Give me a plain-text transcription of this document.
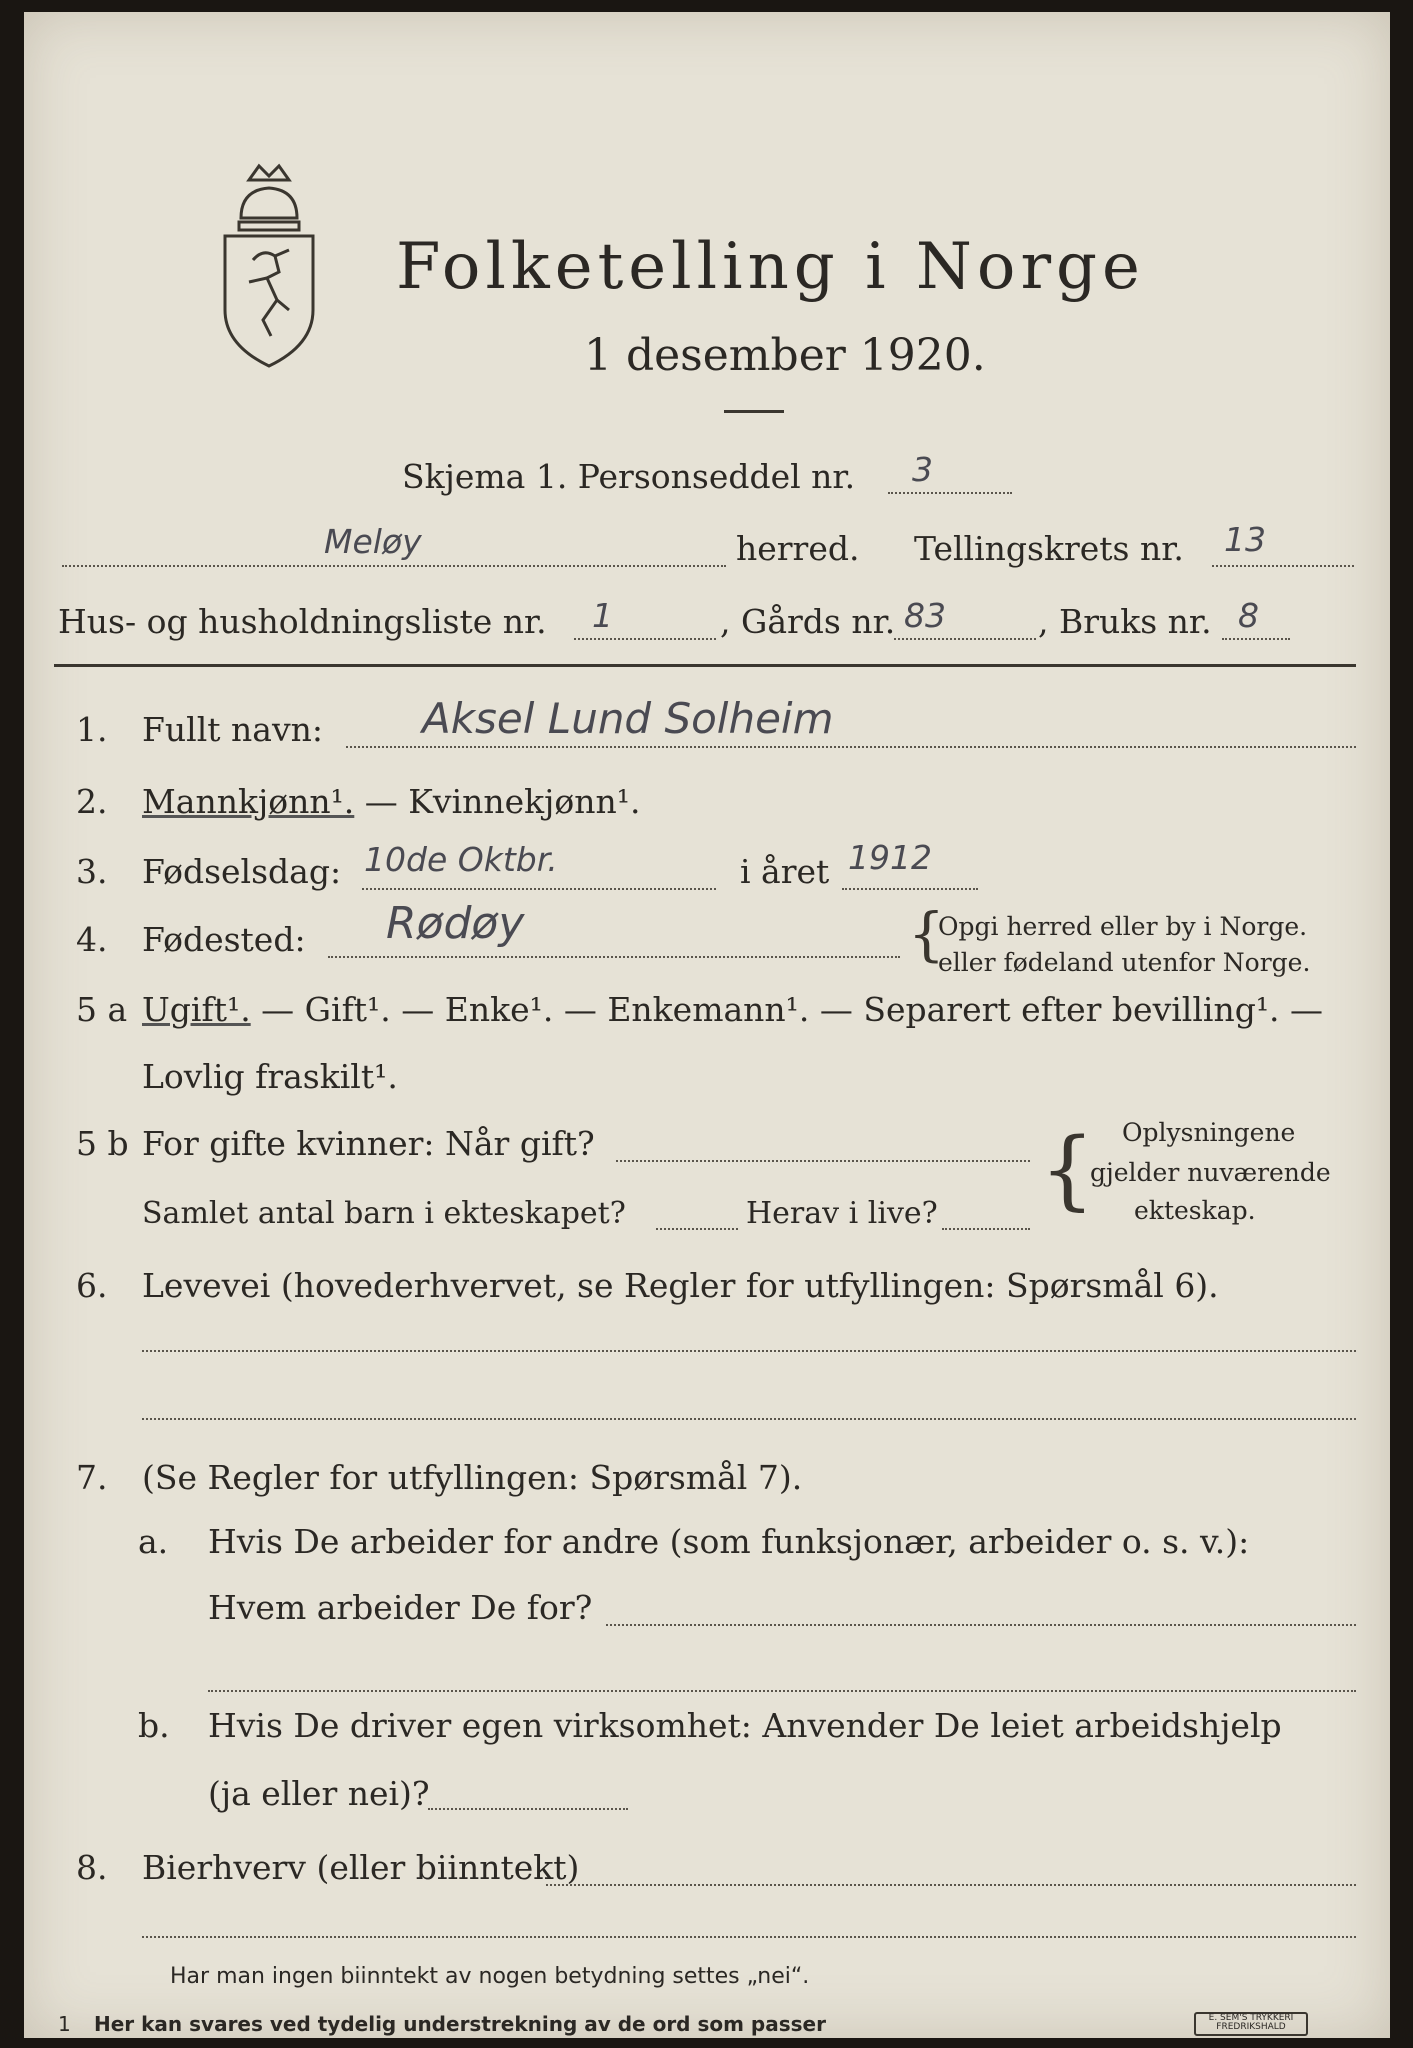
Folketelling i Norge
1 desember 1920.
Skjema 1. Personseddel nr. 3
Meløy	herred. Tellingskrets nr. 13
Hus- og husholdningsliste nr. 1	, Gårds nr. 83	, Bruks nr. 8
1. Fullt navn: Aksel Lund Solheim
2. Mannkjønn¹. — Kvinnekjønn¹.
3. Fødselsdag: 10de Oktbr.	i året 1912
4. Fødested: Rødøy	{
Opgi herred eller by i Norge.
eller fødeland utenfor Norge.
5 a Ugift¹. — Gift¹. — Enke¹. — Enkemann¹. — Separert efter bevilling¹. —
Lovlig fraskilt¹.
5 b For gifte kvinner: Når gift?
Samlet antal barn i ekteskapet?	Herav i live? { Oplysningene
gjelder nuværende
ekteskap.
6. Levevei (hovederhvervet, se Regler for utfyllingen: Spørsmål 6).
7. (Se Regler for utfyllingen: Spørsmål 7).
a. Hvis De arbeider for andre (som funksjonær, arbeider o. s. v.):
Hvem arbeider De for?
b. Hvis De driver egen virksomhet: Anvender De leiet arbeidshjelp
(ja eller nei)?
8. Bierhverv (eller biinntekt)
Har man ingen biinntekt av nogen betydning settes „nei“.
1 Her kan svares ved tydelig understrekning av de ord som passer	E. SEM'S TRYKKERI FREDRIKSHALD
